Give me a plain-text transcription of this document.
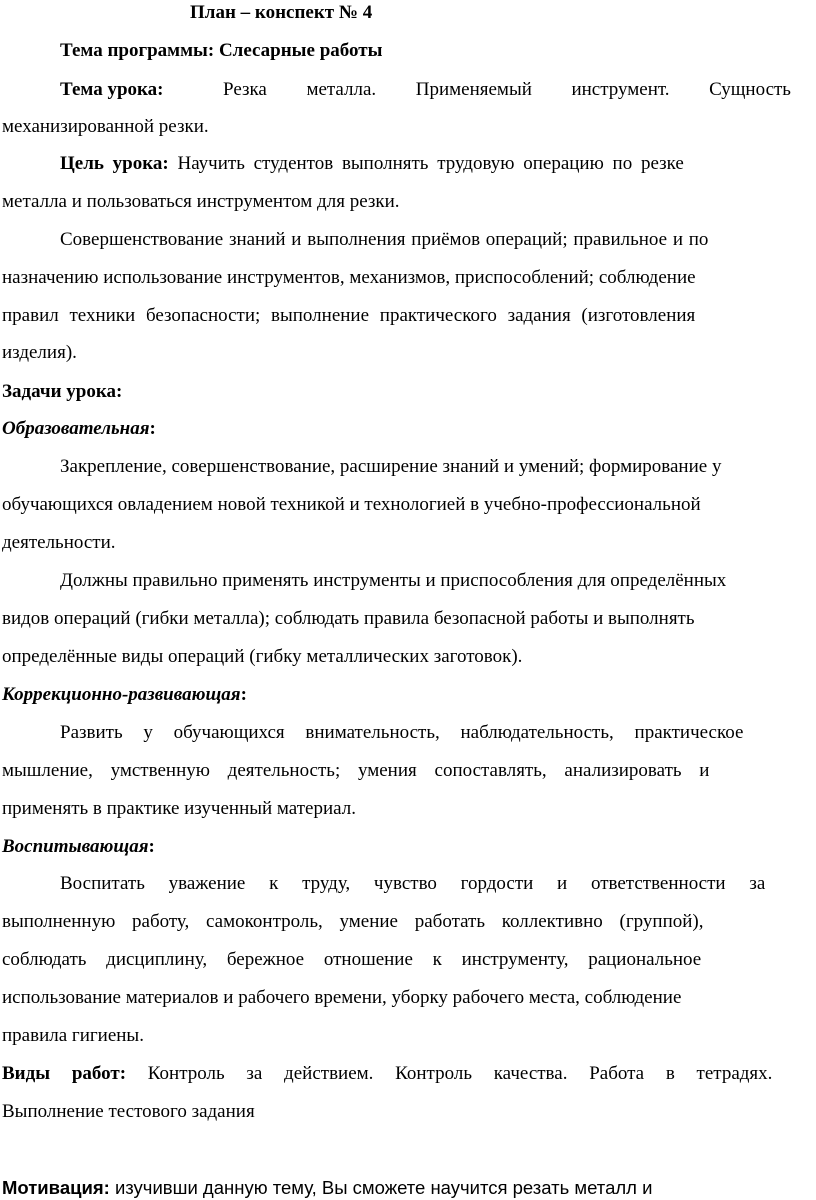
План – конспект № 4
Тема программы: Слесарные работы
Тема урока:	Резка металла. Применяемый инструмент. Сущность
механизированной резки.
Цель урока: Научить студентов выполнять трудовую операцию по резке
металла и пользоваться инструментом для резки.
Совершенствование знаний и выполнения приёмов операций; правильное и по
назначению использование инструментов, механизмов, приспособлений; соблюдение
правил техники безопасности; выполнение практического задания (изготовления
изделия).
Задачи урока:
Образовательная:
Закрепление, совершенствование, расширение знаний и умений; формирование у
обучающихся овладением новой техникой и технологией в учебно-профессиональной
деятельности.
Должны правильно применять инструменты и приспособления для определённых
видов операций (гибки металла); соблюдать правила безопасной работы и выполнять
определённые виды операций (гибку металлических заготовок).
Коррекционно-развивающая:
Развить у обучающихся внимательность, наблюдательность, практическое
мышление, умственную деятельность; умения сопоставлять, анализировать и
применять в практике изученный материал.
Воспитывающая:
Воспитать уважение к труду, чувство гордости и ответственности за
выполненную работу, самоконтроль, умение работать коллективно (группой),
соблюдать дисциплину, бережное отношение к инструменту, рациональное
использование материалов и рабочего времени, уборку рабочего места, соблюдение
правила гигиены.
Виды работ: Контроль за действием. Контроль качества. Работа в тетрадях.
Выполнение тестового задания
Мотивация: изучивши данную тему, Вы сможете научится резать металл и
